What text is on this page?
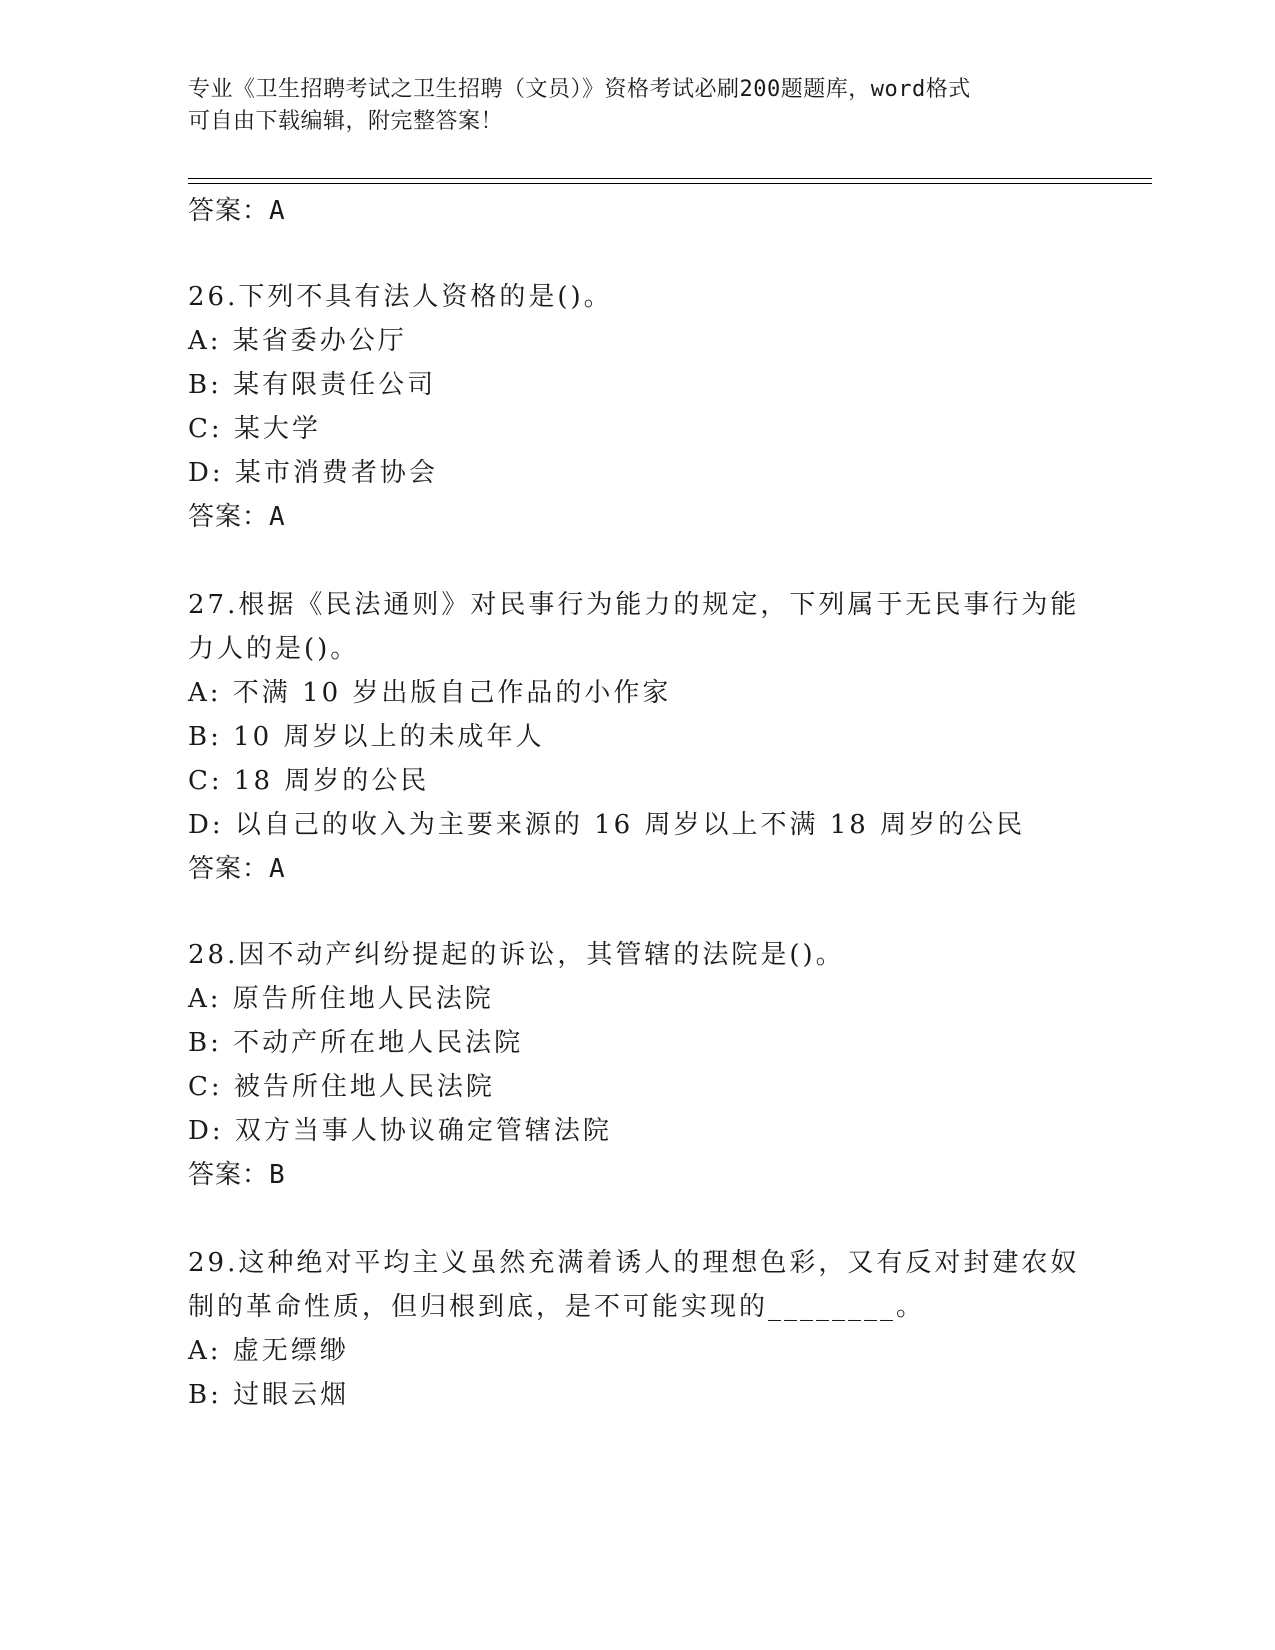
专业《卫生招聘考试之卫生招聘（文员）》资格考试必刷200题题库，word格式
可自由下载编辑，附完整答案！
答案：A
26.下列不具有法人资格的是()。
A: 某省委办公厅
B: 某有限责任公司
C: 某大学
D: 某市消费者协会
答案：A
27.根据《民法通则》对民事行为能力的规定，下列属于无民事行为能
力人的是()。
A: 不满 10 岁出版自己作品的小作家
B: 10 周岁以上的未成年人
C: 18 周岁的公民
D: 以自己的收入为主要来源的 16 周岁以上不满 18 周岁的公民
答案：A
28.因不动产纠纷提起的诉讼，其管辖的法院是()。
A: 原告所住地人民法院
B: 不动产所在地人民法院
C: 被告所住地人民法院
D: 双方当事人协议确定管辖法院
答案：B
29.这种绝对平均主义虽然充满着诱人的理想色彩，又有反对封建农奴
制的革命性质，但归根到底，是不可能实现的________。
A: 虚无缥缈
B: 过眼云烟
